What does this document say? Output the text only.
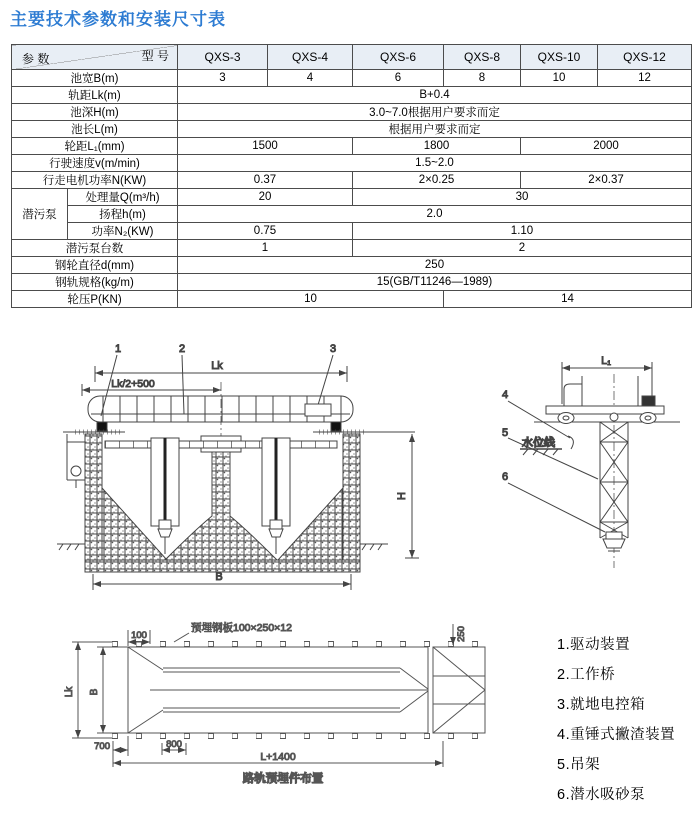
主要技术参数和安装尺寸表
型 号
参 数		QXS-3	QXS-4	QXS-6	QXS-8	QXS-10	QXS-12
池宽B(m)		3	4	6	8	10	12
轨距Lk(m)		B+0.4					
池深H(m)		3.0~7.0根据用户要求而定					
池长L(m)		根据用户要求而定					
轮距L₁(mm)		1500		1800		2000	
行驶速度v(m/min)		1.5~2.0					
行走电机功率N(KW)		0.37		2×0.25		2×0.37	
潜污泵	处理量Q(m³/h)	20		30			
	扬程h(m)	2.0					
	功率N₂(KW)	0.75		1.10			
潜污泵台数		1		2			
钢轮直径d(mm)		250					
钢轨规格(kg/m)		15(GB/T11246—1989)					
轮压P(KN)		10			14		
Lk
Lk/2+500
1	2	3
H
B
L₁
4
5
6
水位线
Lk B
100
预埋钢板100×250×12	250
700	800
L+1400
路轨预埋件布置
1.驱动装置
2.工作桥
3.就地电控箱
4.重锤式撇渣装置
5.吊架
6.潜水吸砂泵
